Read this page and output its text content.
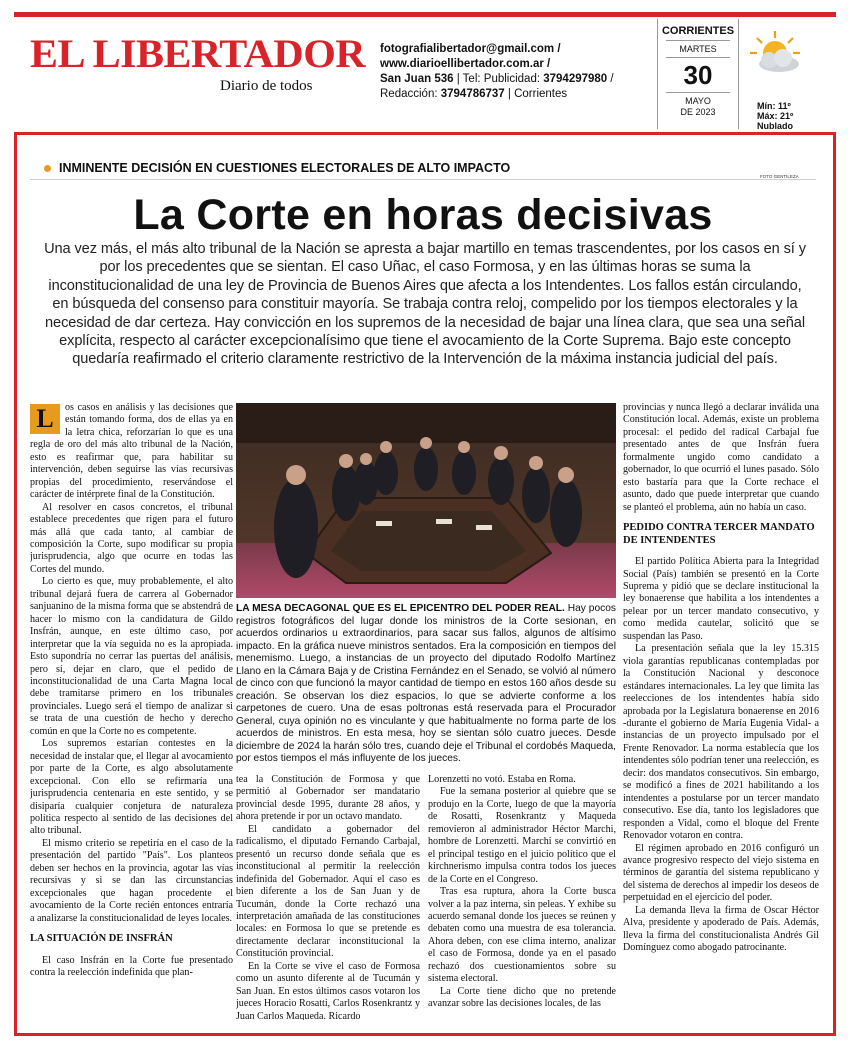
EL LIBERTADOR
Diario de todos
fotografialibertador@gmail.com /
www.diarioellibertador.com.ar /
San Juan 536 | Tel: Publicidad: 3794297980 /
Redacción: 3794786737 | Corrientes
CORRIENTES
MARTES
30
MAYO
DE 2023
Mín: 11º
Máx: 21º
Nublado
INMINENTE DECISIÓN EN CUESTIONES ELECTORALES DE ALTO IMPACTO
FOTO GENTILEZA
La Corte en horas decisivas
Una vez más, el más alto tribunal de la Nación se apresta a bajar martillo en temas trascendentes, por los casos en sí y por los precedentes que se sientan. El caso Uñac, el caso Formosa, y en las últimas horas se suma la inconstitucionalidad de una ley de Provincia de Buenos Aires que afecta a los Intendentes. Los fallos están circulando, en búsqueda del consenso para constituir mayoría. Se trabaja contra reloj, compelido por los tiempos electorales y la necesidad de dar certeza. Hay convicción en los supremos de la necesidad de bajar una línea clara, que sea una señal explícita, respecto al carácter excepcionalísimo que tiene el avocamiento de la Corte Suprema. Bajo este concepto quedaría reafirmado el criterio claramente restrictivo de la Intervención de la máxima instancia judicial del país.

L	os casos en análisis y las decisiones que están tomando forma, dos de ellas ya en la letra chica, reforzarían lo que es una regla de oro del más alto tribunal de la Nación, esto es reafirmar que, para habilitar su intervención, deben seguirse las vías recursivas propias del procedimiento, reservándose el carácter de intérprete final de la Constitución.

Al resolver en casos concretos, el tribunal establece precedentes que rigen para el futuro más allá que cada tanto, al cambiar de composición la Corte, supo modificar su propia jurisprudencia, algo que ocurre en todas las Cortes del mundo.

Lo cierto es que, muy probablemente, el alto tribunal dejará fuera de carrera al Gobernador sanjuanino de la misma forma que se abstendrá de hacer lo mismo con la candidatura de Gildo Insfrán, aunque, en este último caso, por interpretar que la vía seguida no es la apropiada. Esto supondría no cerrar las puertas del análisis, pero sí, dejar en claro, que el pedido de inconstitucionalidad de una Carta Magna local debe tramitarse primero en los tribunales provinciales. Luego será el tiempo de analizar si se trata de una cuestión de hecho y derecho común en que la Corte no es competente.

Los supremos estarían contestes en la necesidad de instalar que, el llegar al avocamiento por parte de la Corte, es algo absolutamente excepcional. Con ello se refirmaría una jurisprudencia centenaria en este sentido, y se disiparía cualquier conjetura de naturaleza política respecto al sentido de las decisiones del alto tribunal.

El mismo criterio se repetiría en el caso de la presentación del partido "País". Los planteos deben ser hechos en la provincia, agotar las vías recursivas y si se dan las circunstancias excepcionales que hagan procedente el avocamiento de la Corte recién entonces entraría a analizarse la constitucionalidad de leyes locales.

LA SITUACIÓN DE INSFRÁN

El caso Insfrán en la Corte fue presentado contra la reelección indefinida que plan-

LA MESA DECAGONAL QUE ES EL EPICENTRO DEL PODER REAL. Hay pocos registros fotográficos del lugar donde los ministros de la Corte sesionan, en acuerdos ordinarios u extraordinarios, para sacar sus fallos, algunos de altísimo impacto. En la gráfica nueve ministros sentados. Era la composición en tiempos del menemismo. Luego, a instancias de un proyecto del diputado Rodolfo Martínez Llano en la Cámara Baja y de Cristina Fernández en el Senado, se volvió al número de cinco con que funcionó la mayor cantidad de tiempo en estos 160 años desde su creación. Se observan los diez espacios, lo que se advierte conforme a los carpetones de cuero. Una de esas poltronas está reservada para el Procurador General, cuya opinión no es vinculante y que habitualmente no forma parte de los acuerdos de ministros. En esta mesa, hoy se sientan sólo cuatro jueces. Desde diciembre de 2024 la harán sólo tres, cuando deje el Tribunal el cordobés Maqueda, por estos tiempos el más influyente de los jueces.

tea la Constitución de Formosa y que permitió al Gobernador ser mandatario provincial desde 1995, durante 28 años, y ahora pretende ir por un octavo mandato.

El candidato a gobernador del radicalismo, el diputado Fernando Carbajal, presentó un recurso donde señala que es inconstitucional al permitir la reelección indefinida del Gobernador. Aquí el caso es bien diferente a los de San Juan y de Tucumán, donde la Corte rechazó una interpretación amañada de las constituciones locales: en Formosa lo que se pretende es directamente declarar inconstitucional la Constitución provincial.

En la Corte se vive el caso de Formosa como un asunto diferente al de Tucumán y San Juan. En estos últimos casos votaron los jueces Horacio Rosatti, Carlos Rosenkrantz y Juan Carlos Maqueda. Ricardo

Lorenzetti no votó. Estaba en Roma.

Fue la semana posterior al quiebre que se produjo en la Corte, luego de que la mayoría de Rosatti, Rosenkrantz y Maqueda removieron al administrador Héctor Marchi, hombre de Lorenzetti. Marchi se convirtió en el principal testigo en el juicio político que el kirchnerismo impulsa contra todos los jueces de la Corte en el Congreso.

Tras esa ruptura, ahora la Corte busca volver a la paz interna, sin peleas. Y exhibe su acuerdo semanal donde los jueces se reúnen y debaten como una muestra de esa tolerancia. Ahora deben, con ese clima interno, analizar el caso de Formosa, donde ya en el pasado rechazó dos cuestionamientos sobre su sistema electoral.

La Corte tiene dicho que no pretende avanzar sobre las decisiones locales, de las

provincias y nunca llegó a declarar inválida una Constitución local. Además, existe un problema procesal: el pedido del radical Carbajal fue presentado antes de que Insfrán fuera formalmente ungido como candidato a gobernador, lo que ocurrió el lunes pasado. Sólo esto bastaría para que la Corte rechace el asunto, dado que puede interpretar que cuando se planteó el problema, aún no había un caso.

PEDIDO CONTRA TERCER MANDATO DE INTENDENTES

El partido Política Abierta para la Integridad Social (País) también se presentó en la Corte Suprema y pidió que se declare institucional la ley bonaerense que habilita a los intendentes a pelear por un tercer mandato consecutivo, y como medida cautelar, solicitó que se suspendan las Paso.

La presentación señala que la ley 15.315 viola garantías republicanas contempladas por la Constitución Nacional y desconoce estándares internacionales. La ley que limita las reelecciones de los intendentes había sido aprobada por la Legislatura bonaerense en 2016 -durante el gobierno de María Eugenia Vidal- a instancias de un proyecto impulsado por el Frente Renovador. La norma establecía que los intendentes sólo podrían tener una reelección, es decir: dos mandatos consecutivos. Sin embargo, se modificó a fines de 2021 habilitando a los intendentes a postularse por un tercer mandato consecutivo. Ese día, tanto los legisladores que responden a Vidal, como el bloque del Frente Renovador votaron en contra.

El régimen aprobado en 2016 configuró un avance progresivo respecto del viejo sistema en términos de garantía del sistema republicano y del sistema de derechos al impedir los deseos de perpetuidad en el ejercicio del poder.

La demanda lleva la firma de Oscar Héctor Alva, presidente y apoderado de País. Además, lleva la firma del constitucionalista Andrés Gil Domínguez como abogado patrocinante.
